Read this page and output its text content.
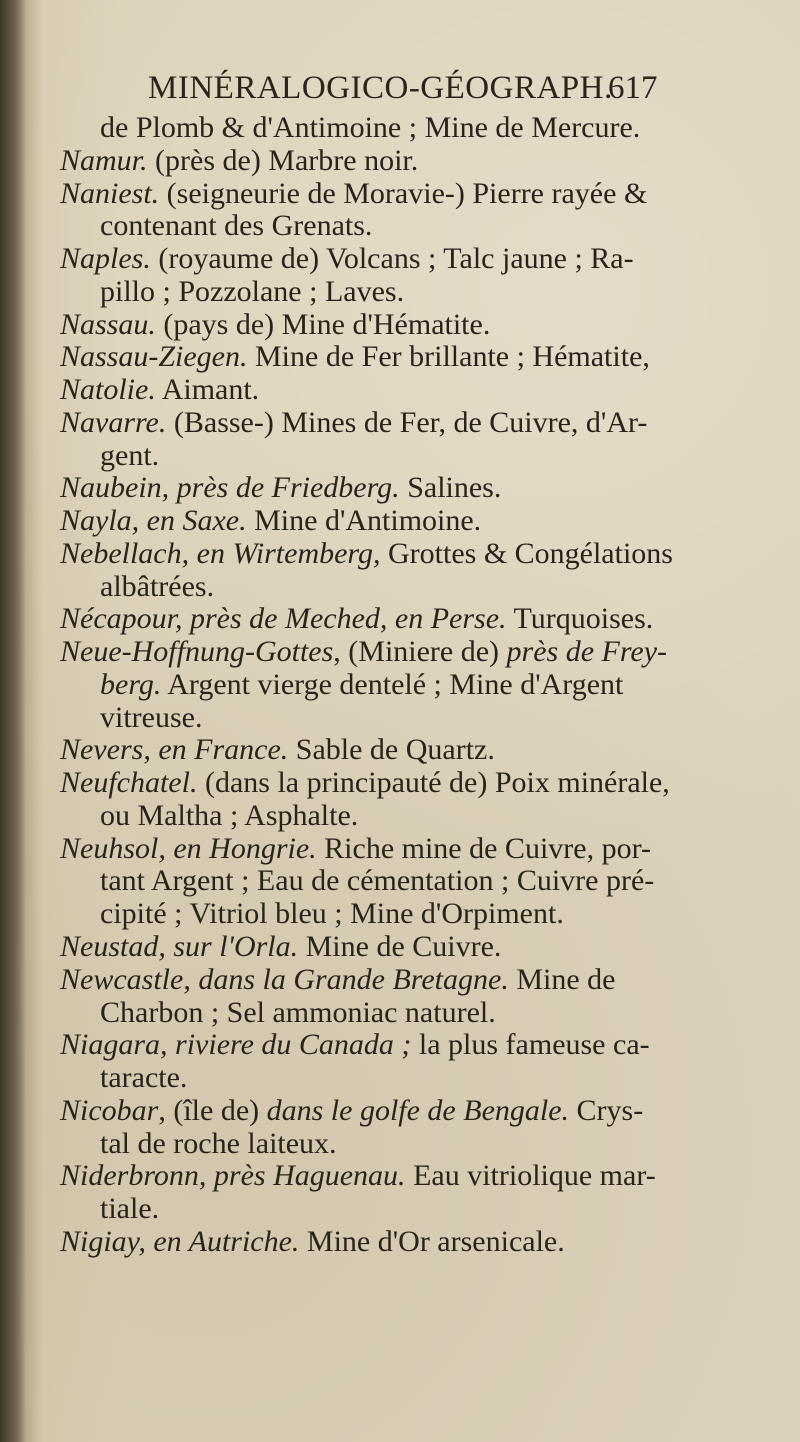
MINÉRALOGICO-GÉOGRAPH.
617
de Plomb & d'Antimoine ; Mine de Mercure.
Namur. (près de) Marbre noir.
Naniest. (seigneurie de Moravie-) Pierre rayée &
contenant des Grenats.
Naples. (royaume de) Volcans ; Talc jaune ; Ra-
pillo ; Pozzolane ; Laves.
Nassau. (pays de) Mine d'Hématite.
Nassau-Ziegen. Mine de Fer brillante ; Hématite,
Natolie. Aimant.
Navarre. (Basse-) Mines de Fer, de Cuivre, d'Ar-
gent.
Naubein, près de Friedberg. Salines.
Nayla, en Saxe. Mine d'Antimoine.
Nebellach, en Wirtemberg, Grottes & Congélations
albâtrées.
Nécapour, près de Meched, en Perse. Turquoises.
Neue-Hoffnung-Gottes, (Miniere de) près de Frey-
berg. Argent vierge dentelé ; Mine d'Argent
vitreuse.
Nevers, en France. Sable de Quartz.
Neufchatel. (dans la principauté de) Poix minérale,
ou Maltha ; Asphalte.
Neuhsol, en Hongrie. Riche mine de Cuivre, por-
tant Argent ; Eau de cémentation ; Cuivre pré-
cipité ; Vitriol bleu ; Mine d'Orpiment.
Neustad, sur l'Orla. Mine de Cuivre.
Newcastle, dans la Grande Bretagne. Mine de
Charbon ; Sel ammoniac naturel.
Niagara, riviere du Canada ; la plus fameuse ca-
taracte.
Nicobar, (île de) dans le golfe de Bengale. Crys-
tal de roche laiteux.
Niderbronn, près Haguenau. Eau vitriolique mar-
tiale.
Nigiay, en Autriche. Mine d'Or arsenicale.
